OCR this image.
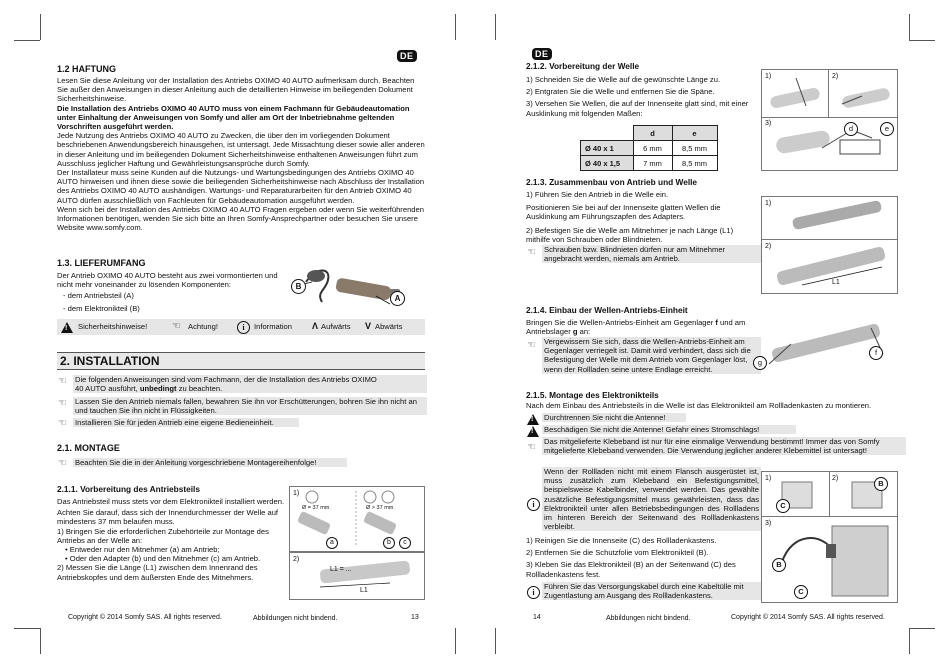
DE
1.2 HAFTUNG

Lesen Sie diese Anleitung vor der Installation des Antriebs OXIMO 40 AUTO aufmerksam durch. Beachten Sie außer den Anweisungen in dieser Anleitung auch die detaillierten Hinweise im beiliegenden Dokument Sicherheitshinweise.

Die Installation des Antriebs OXIMO 40 AUTO muss von einem Fachmann für Gebäudeautomation unter Einhaltung der Anweisungen von Somfy und aller am Ort der Inbetriebnahme geltenden Vorschriften ausgeführt werden.

Jede Nutzung des Antriebs OXIMO 40 AUTO zu Zwecken, die über den im vorliegenden Dokument beschriebenen Anwendungsbereich hinausgehen, ist untersagt. Jede Missachtung dieser sowie aller anderen in dieser Anleitung und im beiliegenden Dokument Sicherheitshinweise enthaltenen Anweisungen führt zum Ausschluss jeglicher Haftung und Gewährleistungsansprüche durch Somfy.

Der Installateur muss seine Kunden auf die Nutzungs- und Wartungsbedingungen des Antriebs OXIMO 40 AUTO hinweisen und ihnen diese sowie die beiliegenden Sicherheitshinweise nach Abschluss der Installation des Antriebs OXIMO 40 AUTO aushändigen. Wartungs- und Reparaturarbeiten für den Antrieb OXIMO 40 AUTO dürfen ausschließlich von Fachleuten für Gebäudeautomation ausgeführt werden.

Wenn sich bei der Installation des Antriebs OXIMO 40 AUTO Fragen ergeben oder wenn Sie weiterführenden Informationen benötigen, wenden Sie sich bitte an Ihren Somfy-Ansprechpartner oder besuchen Sie unsere Website www.somfy.com.

1.3. LIEFERUMFANG

Der Antrieb OXIMO 40 AUTO besteht aus zwei vormontierten und nicht mehr voneinander zu lösenden Komponenten:

- dem Antriebsteil (A)

- dem Elektronikteil (B)

B
A
! Sicherheitshinweise! ☜ Achtung!	i	Information Λ Aufwärts V Abwärts
2. INSTALLATION
☜ Die folgenden Anweisungen sind vom Fachmann, der die Installation des Antriebs OXIMO
40 AUTO ausführt, unbedingt zu beachten.
☜ Lassen Sie den Antrieb niemals fallen, bewahren Sie ihn vor Erschütterungen, bohren Sie ihn nicht an und tauchen Sie ihn nicht in Flüssigkeiten.
☜ Installieren Sie für jeden Antrieb eine eigene Bedieneinheit.
2.1. MONTAGE
☜ Beachten Sie die in der Anleitung vorgeschriebene Montagereihenfolge!
2.1.1. Vorbereitung des Antriebsteils

Das Antriebsteil muss stets vor dem Elektronikteil installiert werden.

Achten Sie darauf, dass sich der Innendurchmesser der Welle auf mindestens 37 mm belaufen muss.

1) Bringen Sie die erforderlichen Zubehörteile zur Montage des Antriebs an der Welle an:

• Entweder nur den Mitnehmer (a) am Antrieb;

• Oder den Adapter (b) und den Mitnehmer (c) am Antrieb.

2) Messen Sie die Länge (L1) zwischen dem Innenrand des Antriebskopfes und dem äußersten Ende des Mitnehmers.

1)
Ø = 37 mm	Ø > 37 mm
a	b	c
2)
L1 = ...
L1
Copyright © 2014 Somfy SAS. All rights reserved.	Abbildungen nicht bindend.	13
DE
2.1.2. Vorbereitung der Welle

1) Schneiden Sie die Welle auf die gewünschte Länge zu.

2) Entgraten Sie die Welle und entfernen Sie die Späne.

3) Versehen Sie Wellen, die auf der Innenseite glatt sind, mit einer Ausklinkung mit folgenden Maßen:

	d	e
Ø 40 x 1	6 mm	8,5 mm
Ø 40 x 1,5	7 mm	8,5 mm
1)	2)
3)
d	e
2.1.3. Zusammenbau von Antrieb und Welle

1) Führen Sie den Antrieb in die Welle ein.

Positionieren Sie bei auf der Innenseite glatten Wellen die Ausklinkung am Führungszapfen des Adapters.

2) Befestigen Sie die Welle am Mitnehmer je nach Länge (L1) mithilfe von Schrauben oder Blindnieten.

☜ Schrauben bzw. Blindnieten dürfen nur am Mitnehmer angebracht werden, niemals am Antrieb.
1)
2)
L1
2.1.4. Einbau der Wellen-Antriebs-Einheit

Bringen Sie die Wellen-Antriebs-Einheit am Gegenlager f und am Antriebslager g an:

☜ Vergewissern Sie sich, dass die Wellen-Antriebs-Einheit am Gegenlager verriegelt ist. Damit wird verhindert, dass sich die Befestigung der Welle mit dem Antrieb vom Gegenlager löst, wenn der Rollladen seine untere Endlage erreicht.
g
f
2.1.5. Montage des Elektronikteils
Nach dem Einbau des Antriebsteils in die Welle ist das Elektronikteil am Rollladenkasten zu montieren.
! Durchtrennen Sie nicht die Antenne!
! Beschädigen Sie nicht die Antenne! Gefahr eines Stromschlags!
☜
Das mitgelieferte Klebeband ist nur für eine einmalige Verwendung bestimmt! Immer das von Somfy mitgelieferte Klebeband verwenden. Die Verwendung jeglicher anderer Klebemittel ist untersagt!
i
Wenn der Rollladen nicht mit einem Flansch ausgerüstet ist, muss zusätzlich zum Klebeband ein Befestigungsmittel, beispielsweise Kabelbinder, verwendet werden. Das gewählte zusätzliche Befestigungsmittel muss gewährleisten, dass das Elektronikteil unter allen Betriebsbedingungen des Rollladens im hinteren Bereich der Seitenwand des Rollladenkastens verbleibt.

1) Reinigen Sie die Innenseite (C) des Rollladenkastens.

2) Entfernen Sie die Schutzfolie vom Elektronikteil (B).

3) Kleben Sie das Elektronikteil (B) an der Seitenwand (C) des Rollladenkastens fest.

i
Führen Sie das Versorgungskabel durch eine Kabeltülle mit Zugentlastung am Ausgang des Rollladenkastens.
1)	2)
3)
C
B
B
C
14	Abbildungen nicht bindend.	Copyright © 2014 Somfy SAS. All rights reserved.
